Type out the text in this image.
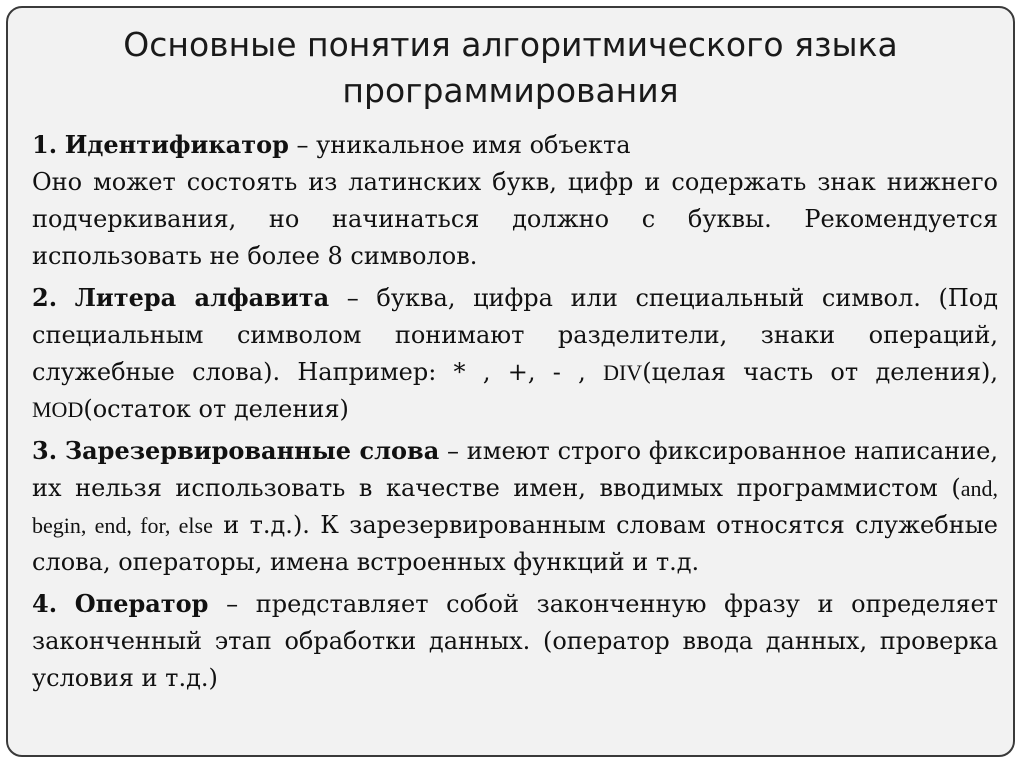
Основные понятия алгоритмического языка
программирования

1. Идентификатор – уникальное имя объекта

Оно может состоять из латинских букв, цифр и содержать знак нижнего подчеркивания, но начинаться должно с буквы. Рекомендуется использовать не более 8 символов.

2. Литера алфавита – буква, цифра или специальный символ. (Под специальным символом понимают разделители, знаки операций, служебные слова). Например: * , +, - , DIV(целая часть от деления), MOD(остаток от деления)

3. Зарезервированные слова – имеют строго фиксированное написание, их нельзя использовать в качестве имен, вводимых программистом (and, begin, end, for, else и т.д.). К зарезервированным словам относятся служебные слова, операторы, имена встроенных функций и т.д.

4. Оператор – представляет собой законченную фразу и определяет законченный этап обработки данных. (оператор ввода данных, проверка условия и т.д.)
